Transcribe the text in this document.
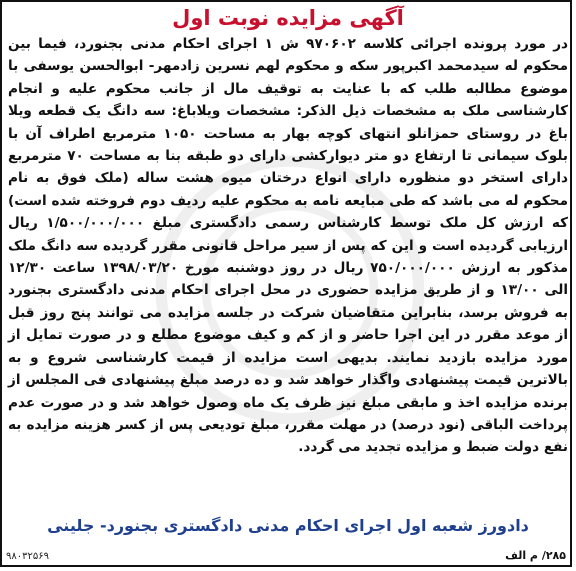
آگهی مزایده نوبت اول

در مورد پرونده اجرائی کلاسه ۹۷۰۶۰۲ ش ۱ اجرای احکام مدنی بجنورد، فیما بین محکوم له سیدمحمد اکبرپور سکه و محکوم لهم نسرین زادمهر- ابوالحسن یوسفی با موضوع مطالبه طلب که با عنایت به توقیف مال از جانب محکوم علیه و انجام کارشناسی ملک به مشخصات ذیل الذکر: مشخصات ویلاباغ: سه دانگ یک قطعه ویلا باغ در روستای حمزانلو انتهای کوچه بهار به مساحت ۱۰۵۰ مترمربع اطراف آن با بلوک سیمانی تا ارتفاع دو متر دیوارکشی دارای دو طبقه بنا به مساحت ۷۰ مترمربع دارای استخر دو منظوره دارای انواع درختان میوه هشت ساله (ملک فوق به نام محکوم له می باشد که طی مبایعه نامه به محکوم علیه ردیف دوم فروخته شده است) که ارزش کل ملک توسط کارشناس رسمی دادگستری مبلغ ۱/۵۰۰/۰۰۰/۰۰۰ ریال ارزیابی گردیده است و این که پس از سیر مراحل قانونی مقرر گردیده سه دانگ ملک مذکور به ارزش ۷۵۰/۰۰۰/۰۰۰ ریال در روز دوشنبه مورخ ۱۳۹۸/۰۳/۲۰ ساعت ۱۲/۳۰ الی ۱۳/۰۰ و از طریق مزایده حضوری در محل اجرای احکام مدنی دادگستری بجنورد به فروش برسد، بنابراین متقاضیان شرکت در جلسه مزایده می توانند پنج روز قبل از موعد مقرر در این اجرا حاضر و از کم و کیف موضوع مطلع و در صورت تمایل از مورد مزایده بازدید نمایند. بدیهی است مزایده از قیمت کارشناسی شروع و به بالاترین قیمت پیشنهادی واگذار خواهد شد و ده درصد مبلغ پیشنهادی فی المجلس از برنده مزایده اخذ و مابقی مبلغ نیز ظرف یک ماه وصول خواهد شد و در صورت عدم پرداخت الباقی (نود درصد) در مهلت مقرر، مبلغ تودیعی پس از کسر هزینه مزایده به نفع دولت ضبط و مزایده تجدید می گردد.

دادورز شعبه اول اجرای احکام مدنی دادگستری بجنورد- جلینی
۲۸۵/ م الف
۹۸۰۳۲۵۶۹
